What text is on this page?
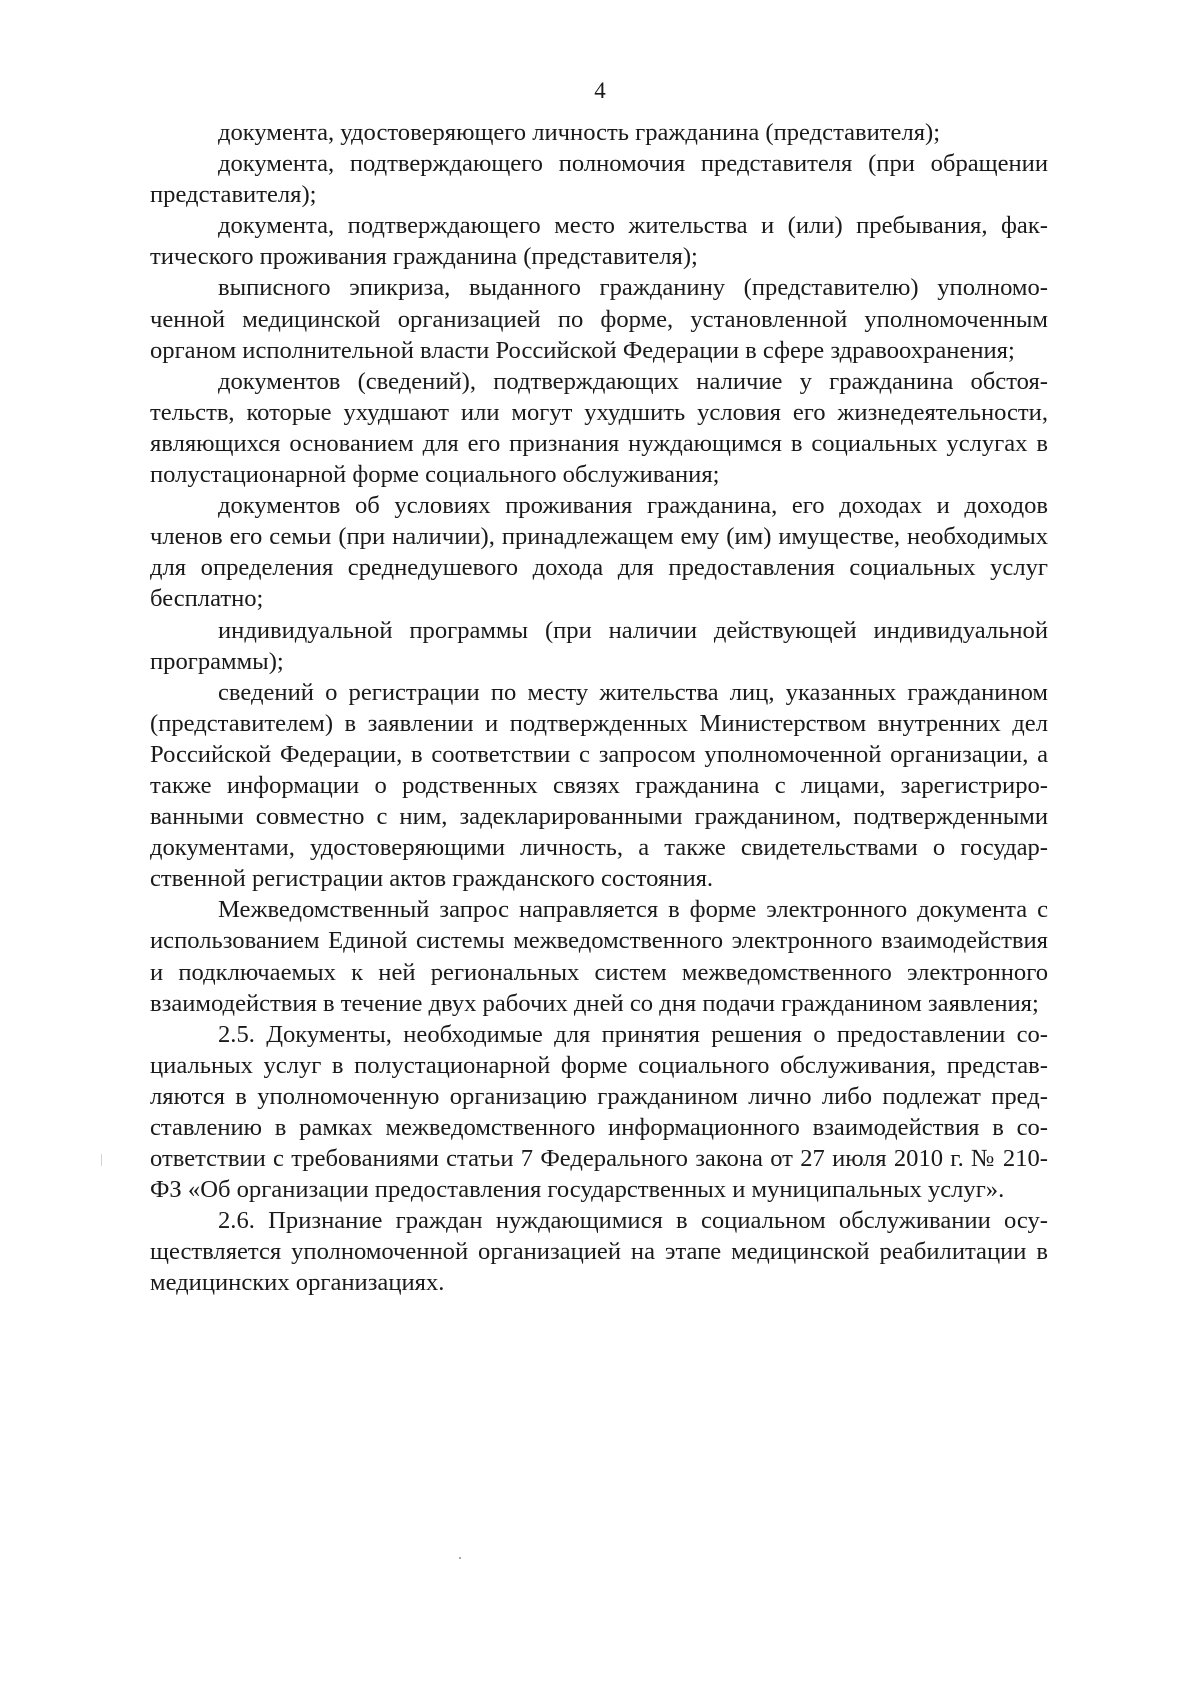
4

документа, удостоверяющего личность гражданина (представителя);

документа, подтверждающего полномочия представителя (при обращении представителя);

документа, подтверждающего место жительства и (или) пребывания, фактического проживания гражданина (представителя);

выписного эпикриза, выданного гражданину (представителю) уполномоченной медицинской организацией по форме, установленной уполномоченным органом исполнительной власти Российской Федерации в сфере здравоохранения;

документов (сведений), подтверждающих наличие у гражданина обстоятельств, которые ухудшают или могут ухудшить условия его жизнедеятельности, являющихся основанием для его признания нуждающимся в социальных услугах в полустационарной форме социального обслуживания;

документов об условиях проживания гражданина, его доходах и доходов членов его семьи (при наличии), принадлежащем ему (им) имуществе, необходимых для определения среднедушевого дохода для предоставления социальных услуг бесплатно;

индивидуальной программы (при наличии действующей индивидуальной программы);

сведений о регистрации по месту жительства лиц, указанных гражданином (представителем) в заявлении и подтвержденных Министерством внутренних дел Российской Федерации, в соответствии с запросом уполномоченной организации, а также информации о родственных связях гражданина с лицами, зарегистрированными совместно с ним, задекларированными гражданином, подтвержденными документами, удостоверяющими личность, а также свидетельствами о государственной регистрации актов гражданского состояния.

Межведомственный запрос направляется в форме электронного документа с использованием Единой системы межведомственного электронного взаимодействия и подключаемых к ней региональных систем межведомственного электронного взаимодействия в течение двух рабочих дней со дня подачи гражданином заявления;

2.5. Документы, необходимые для принятия решения о предоставлении социальных услуг в полустационарной форме социального обслуживания, представляются в уполномоченную организацию гражданином лично либо подлежат представлению в рамках межведомственного информационного взаимодействия в соответствии с требованиями статьи 7 Федерального закона от 27 июля 2010 г. № 210-ФЗ «Об организации предоставления государственных и муниципальных услуг».

2.6. Признание граждан нуждающимися в социальном обслуживании осуществляется уполномоченной организацией на этапе медицинской реабилитации в медицинских организациях.
